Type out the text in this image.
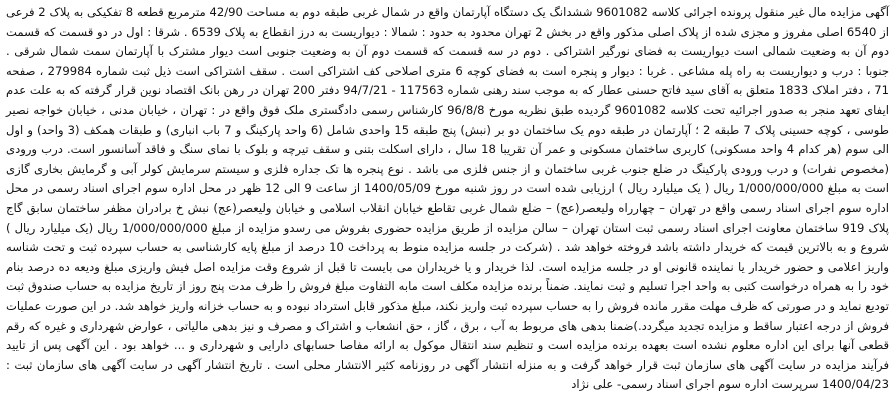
آگهی مزایده مال غیر منقول پرونده اجرائی کلاسه 9601082 ششدانگ یک دستگاه آپارتمان واقع در شمال غربی طبقه دوم به مساحت 42/90 مترمربع قطعه 8 تفکیکی به پلاک 2 فرعی از 6540 اصلی مفروز و مجزی شده از پلاک اصلی مذکور واقع در بخش 2 تهران محدود به حدود : شمالا : دیواریست به درز انقطاع به پلاک 6539 . شرقا : اول در دو قسمت که قسمت دوم آن به وضعیت شمالی است دیواریست به فضای نورگیر اشتراکی . دوم در سه قسمت که قسمت دوم آن به وضعیت جنوبی است دیوار مشترک با آپارتمان سمت شمال شرقی . جنوبا : درب و دیواریست به راه پله مشاعی . غربا : دیوار و پنجره است به فضای کوچه 6 متری اصلاحی کف اشتراکی است . سقف اشتراکی است ذیل ثبت شماره 279984 ، صفحه 71 ، دفتر املاک 1833 متعلق به آقای سید فاتح حسنی عطار که به موجب سند رهنی شماره 117563 - 94/7/21 دفتر 200 تهران در رهن بانک اقتصاد نوین قرار گرفته که به علت عدم ایفای تعهد منجر به صدور اجرائیه تحت کلاسه 9601082 گردیده طبق نظریه مورخ 96/8/8 کارشناس رسمی دادگستری ملک فوق واقع در : تهران ، خیابان مدنی ، خیابان خواجه نصیر طوسی ، کوچه حسینی پلاک 7 طبقه 2 ؛ آپارتمان در طبقه دوم یک ساختمان دو بر (نبش) پنج طبقه 15 واحدی شامل (6 واحد پارکینگ و 7 باب انباری) و طبقات همکف (3 واحد) و اول الی سوم (هر کدام 4 واحد مسکونی) کاربری ساختمان مسکونی و عمر آن تقریبا 18 سال ، دارای اسکلت بتنی و سقف تیرچه و بلوک با نمای سنگ و فاقد آسانسور است. درب ورودی (مخصوص نفرات) و درب ورودی پارکینگ در ضلع جنوب غربی ساختمان و از جنس فلزی می باشد . نوع پنجره ها تک جداره فلزی و سیستم سرمایش کولر آبی و گرمایش بخاری گازی است به مبلغ 1/000/000/000 ریال ( یک میلیارد ریال ) ارزیابی شده است در روز شنبه مورخ 1400/05/09 از ساعت 9 الی 12 ظهر در محل اداره سوم اجرای اسناد رسمی در محل اداره سوم اجرای اسناد رسمی واقع در تهران – چهارراه ولیعصر(عج) – ضلع شمال غربی تقاطع خیابان انقلاب اسلامی و خیابان ولیعصر(عج) نبش خ برادران مظفر ساختمان سابق گاج پلاک 919 ساختمان معاونت اجرای اسناد رسمی ثبت استان تهران – سالن مزایده از طریق مزایده حضوری بفروش می رسدو مزایده از مبلغ 1/000/000/000 ریال (یک میلیارد ریال ) شروع و به بالاترین قیمت که خریدار داشته باشد فروخته خواهد شد . (شرکت در جلسه مزایده منوط به پرداخت 10 درصد از مبلغ پایه کارشناسی به حساب سپرده ثبت و تحت شناسه واریز اعلامی و حضور خریدار یا نماینده قانونی او در جلسه مزایده است. لذا خریدار و یا خریداران می بایست تا قبل از شروع وقت مزایده اصل فیش واریزی مبلغ ودیعه ده درصد بنام خود را به همراه درخواست کتبی به واحد اجرا تسلیم و ثبت نمایند. ضمناً برنده مزایده مکلف است مابه التفاوت مبلغ فروش را ظرف مدت پنج روز از تاریخ مزایده به حساب صندوق ثبت تودیع نماید و در صورتی که ظرف مهلت مقرر مانده فروش را به حساب سپرده ثبت واریز نکند، مبلغ مذکور قابل استرداد نبوده و به حساب خزانه واریز خواهد شد. در این صورت عملیات فروش از درجه اعتبار ساقط و مزایده تجدید میگردد.)ضمنا بدهی های مربوط به آب ، برق ، گاز ، حق انشعاب و اشتراک و مصرف و نیز بدهی مالیاتی ، عوارض شهرداری و غیره که رقم قطعی آنها برای این اداره معلوم نشده است بعهده برنده مزایده است و تنظیم سند انتقال موکول به ارائه مفاصا حسابهای دارایی و شهرداری و ... خواهد بود . این آگهی پس از تایید فرآیند مزایده در سایت آگهی های سازمان ثبت قرار خواهد گرفت و به منزله انتشار آگهی در روزنامه کثیر الانتشار محلی است . تاریخ انتشار آگهی در سایت آگهی های سازمان ثبت : 1400/04/23 سرپرست اداره سوم اجرای اسناد رسمی- علی نژاد
